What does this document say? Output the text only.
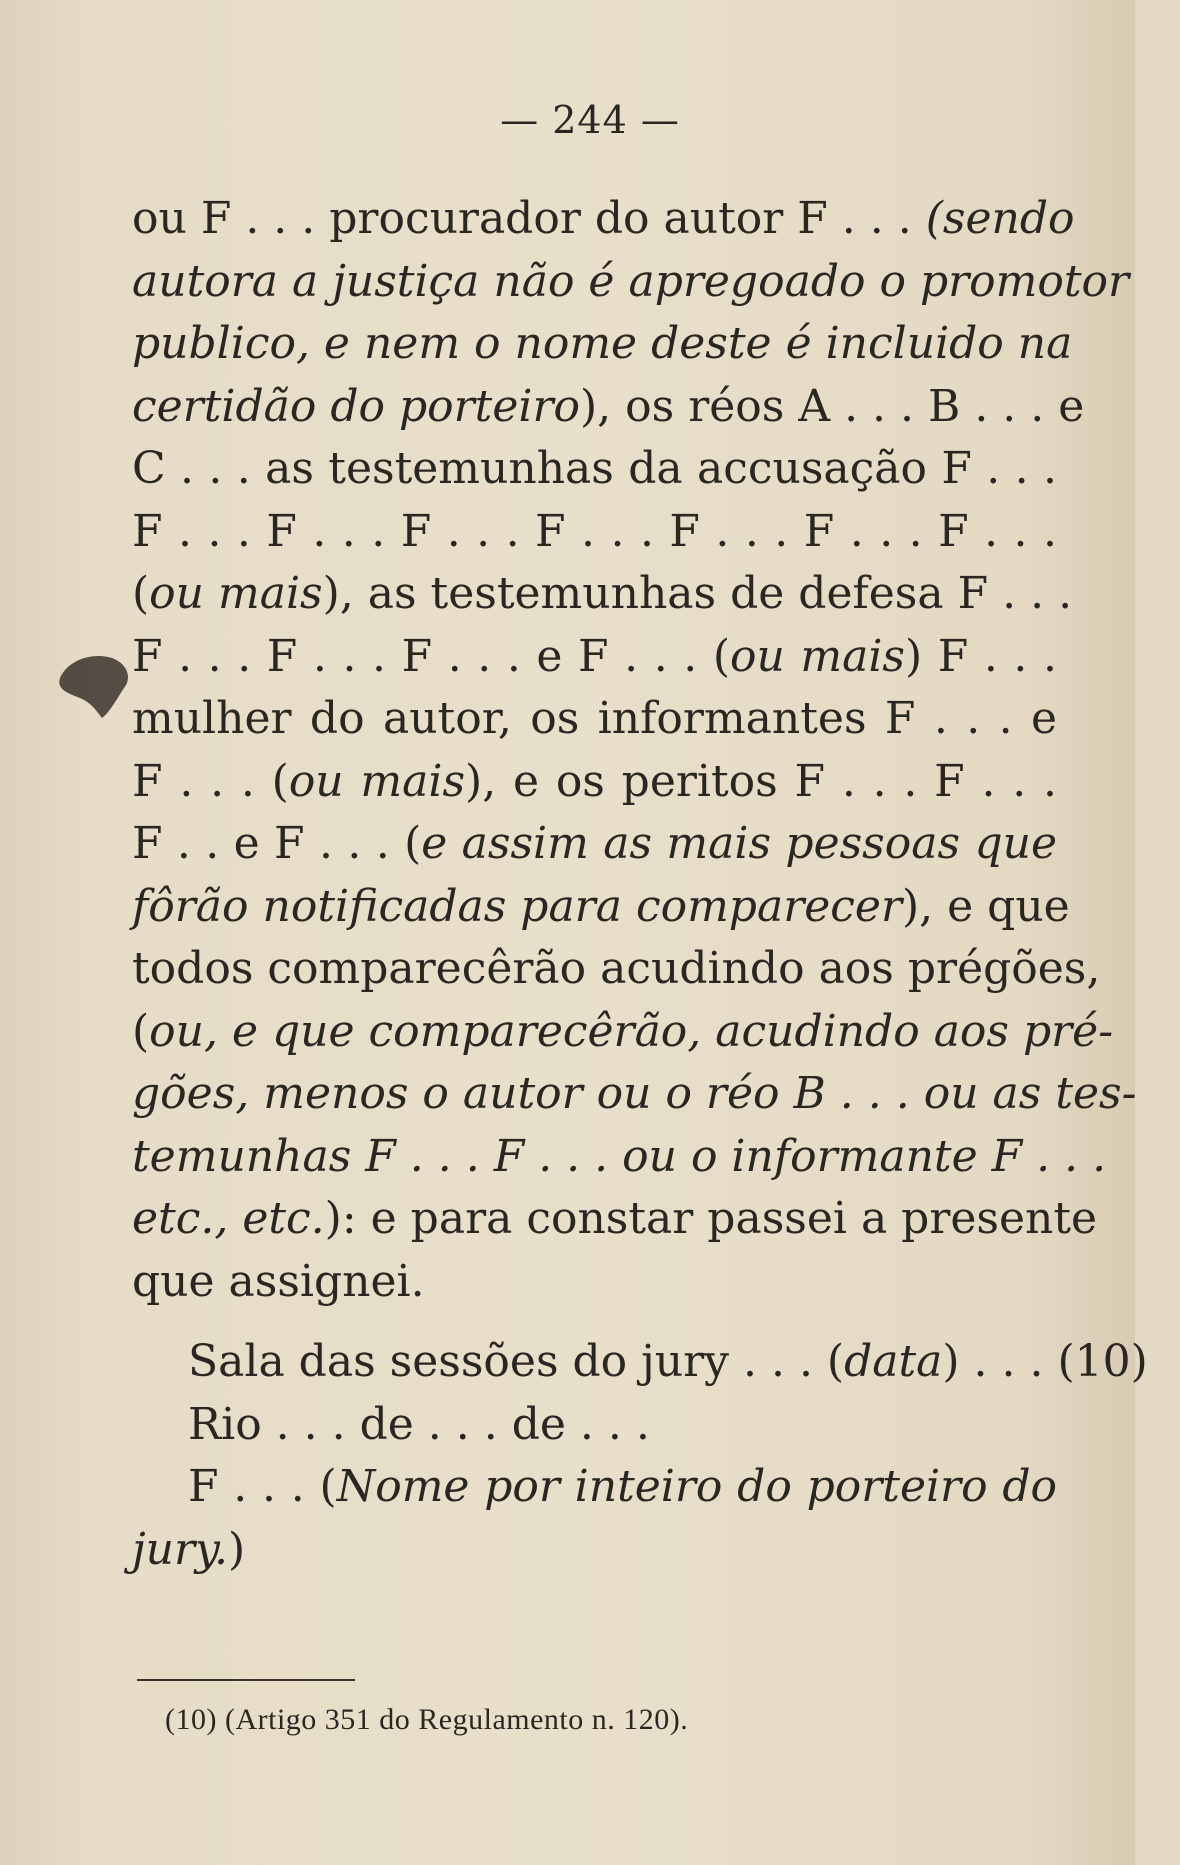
— 244 —
ou F . . . procurador do autor F . . . (sendo
autora a justiça não é apregoado o promotor
publico, e nem o nome deste é incluido na
certidão do porteiro), os réos A . . . B . . . e
C . . . as testemunhas da accusação F . . .
F . . . F . . . F . . . F . . . F . . . F . . . F . . .
(ou mais), as testemunhas de defesa F . . .
F . . . F . . . F . . . e F . . . (ou mais) F . . .
mulher do autor, os informantes F . . . e
F . . . (ou mais), e os peritos F . . . F . . .
F . . e F . . . (e assim as mais pessoas que
fôrão notificadas para comparecer), e que
todos comparecêrão acudindo aos prégões,
(ou, e que comparecêrão, acudindo aos pré-
gões, menos o autor ou o réo B . . . ou as tes-
temunhas F . . . F . . . ou o informante F . . .
etc., etc.): e para constar passei a presente
que assignei.
Sala das sessões do jury . . . (data) . . . (10)
Rio . . . de . . . de . . .
F . . . (Nome por inteiro do porteiro do
jury.)
(10) (Artigo 351 do Regulamento n. 120).
